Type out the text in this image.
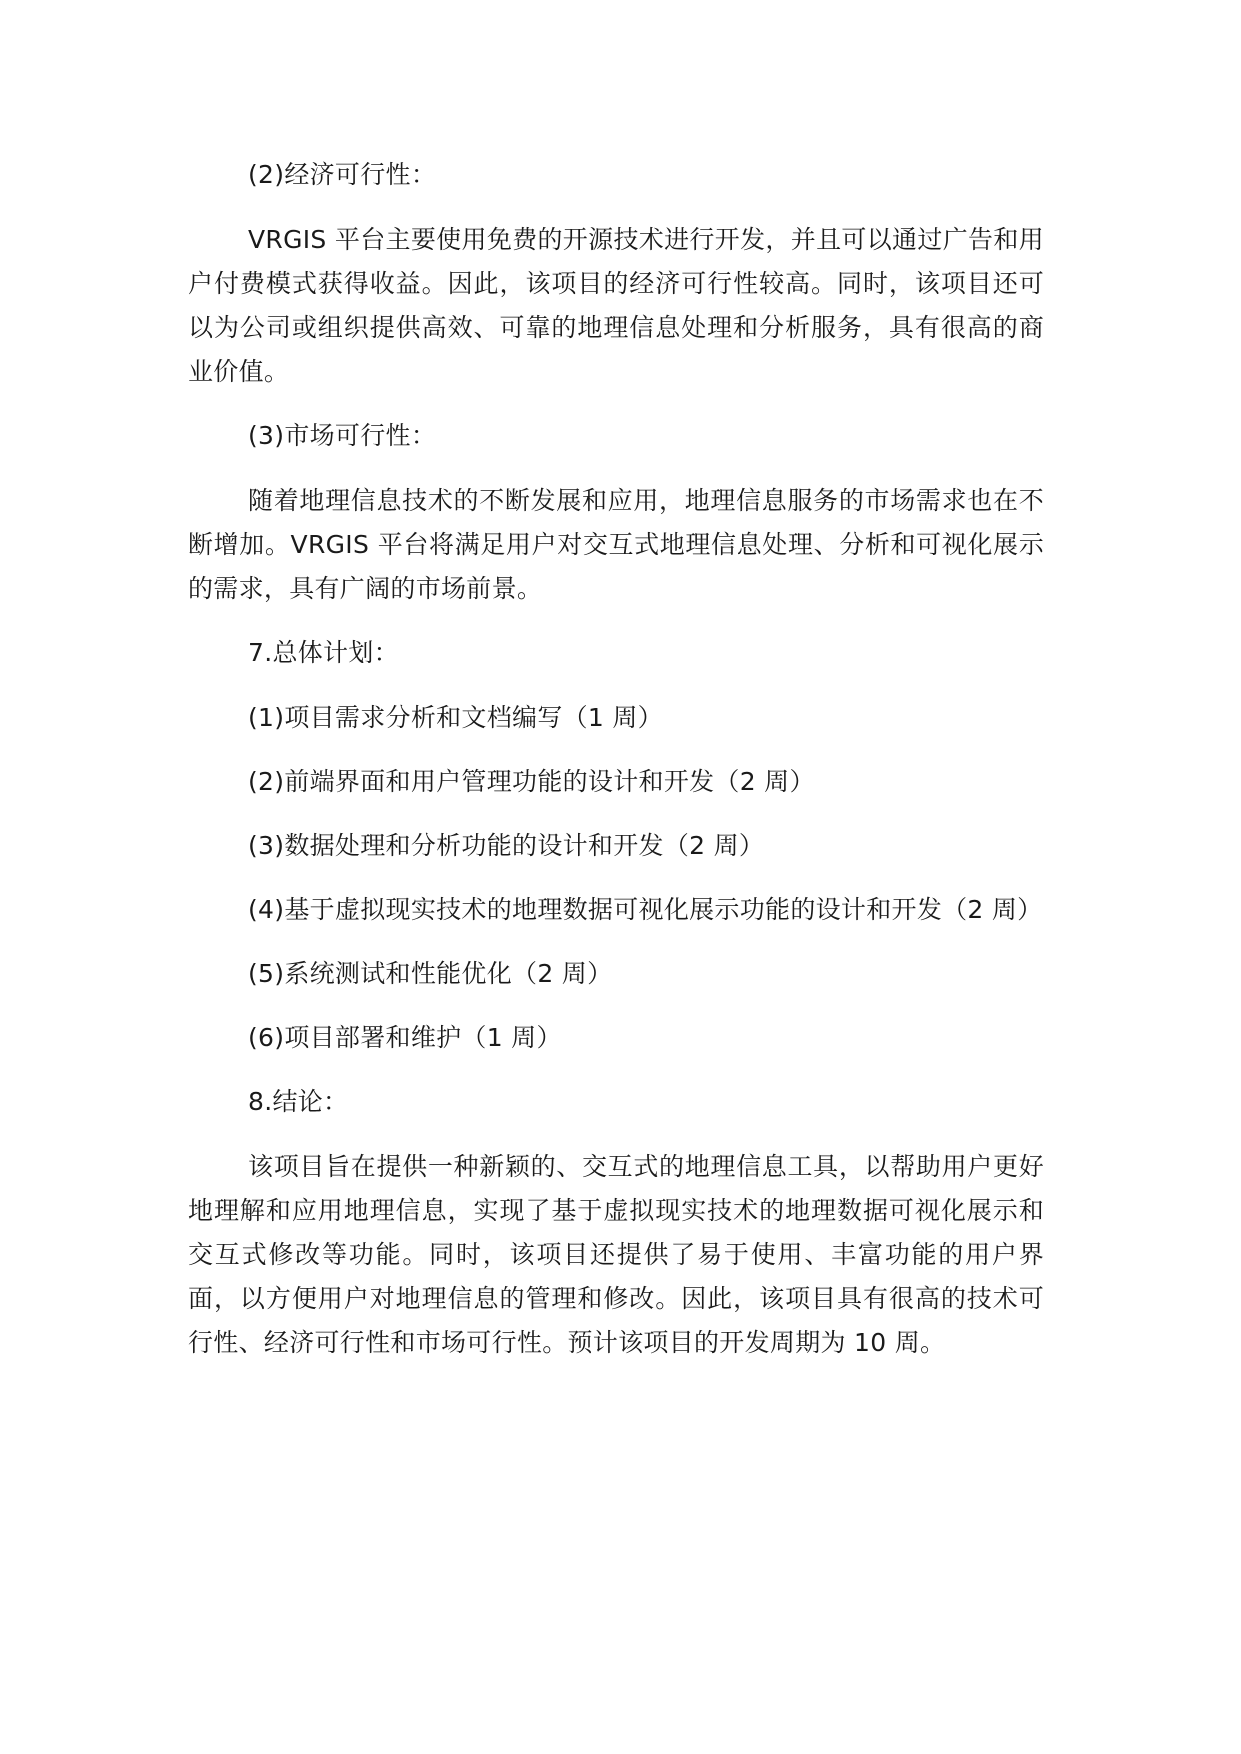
(2)经济可行性：

VRGIS 平台主要使用免费的开源技术进行开发，并且可以通过广告和用户付费模式获得收益。因此，该项目的经济可行性较高。同时，该项目还可以为公司或组织提供高效、可靠的地理信息处理和分析服务，具有很高的商业价值。

(3)市场可行性：

随着地理信息技术的不断发展和应用，地理信息服务的市场需求也在不断增加。VRGIS 平台将满足用户对交互式地理信息处理、分析和可视化展示的需求，具有广阔的市场前景。

7.总体计划：

(1)项目需求分析和文档编写（1 周）

(2)前端界面和用户管理功能的设计和开发（2 周）

(3)数据处理和分析功能的设计和开发（2 周）

(4)基于虚拟现实技术的地理数据可视化展示功能的设计和开发（2 周）

(5)系统测试和性能优化（2 周）

(6)项目部署和维护（1 周）

8.结论：

该项目旨在提供一种新颖的、交互式的地理信息工具，以帮助用户更好地理解和应用地理信息，实现了基于虚拟现实技术的地理数据可视化展示和交互式修改等功能。同时，该项目还提供了易于使用、丰富功能的用户界面，以方便用户对地理信息的管理和修改。因此，该项目具有很高的技术可行性、经济可行性和市场可行性。预计该项目的开发周期为 10 周。
